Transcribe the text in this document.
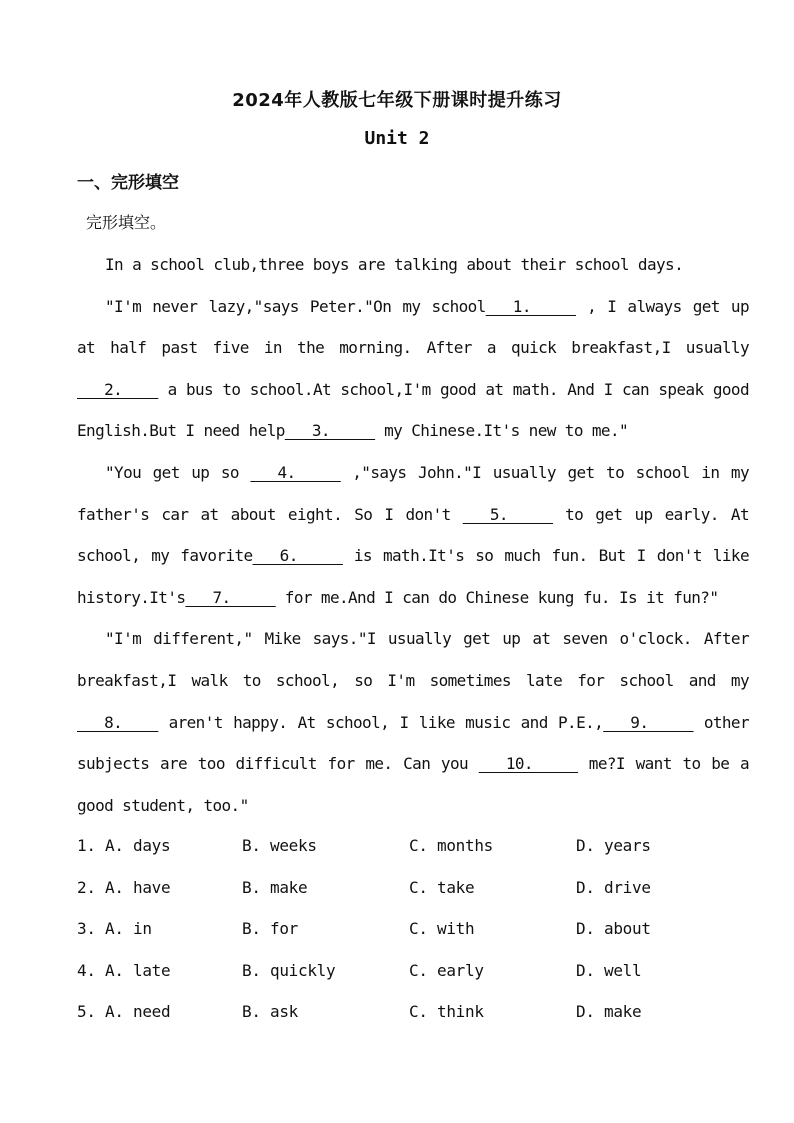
2024年人教版七年级下册课时提升练习
Unit 2
一、完形填空
完形填空。

In a school club,three boys are talking about their school days.

"I'm never lazy,"says Peter."On my school   1.      , I always get up at half past five in the morning. After a quick breakfast,I usually ___2.     a bus to school.At school,I'm good at math. And I can speak good English.But I need help   3.      my Chinese.It's new to me."

"You get up so    4.      ,"says John."I usually get to school in my father's car at about eight. So I don't    5.      to get up early. At school, my favorite   6.      is math.It's so much fun. But I don't like history.It's   7.      for me.And I can do Chinese kung fu. Is it fun?"

"I'm different," Mike says."I usually get up at seven o'clock. After breakfast,I walk to school, so I'm sometimes late for school and my ___8.     aren't happy. At school, I like music and P.E.,   9.      other subjects are too difficult for me. Can you    10.      me?I want to be a good student, too."

1. A. days	B. weeks	C. months	D. years
2. A. have	B. make	C. take	D. drive
3. A. in	B. for	C. with	D. about
4. A. late	B. quickly	C. early	D. well
5. A. need	B. ask	C. think	D. make
